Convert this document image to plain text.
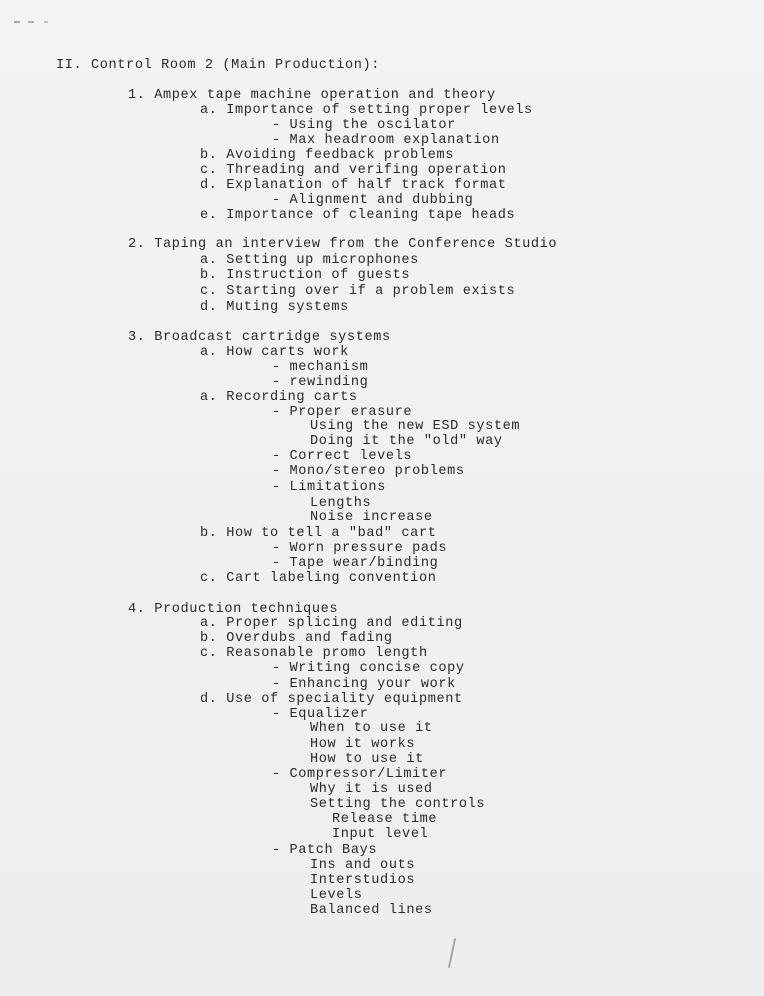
II. Control Room 2 (Main Production):
1. Ampex tape machine operation and theory
a. Importance of setting proper levels
- Using the oscilator
- Max headroom explanation
b. Avoiding feedback problems
c. Threading and verifing operation
d. Explanation of half track format
- Alignment and dubbing
e. Importance of cleaning tape heads
2. Taping an interview from the Conference Studio
a. Setting up microphones
b. Instruction of guests
c. Starting over if a problem exists
d. Muting systems
3. Broadcast cartridge systems
a. How carts work
- mechanism
- rewinding
a. Recording carts
- Proper erasure
Using the new ESD system
Doing it the "old" way
- Correct levels
- Mono/stereo problems
- Limitations
Lengths
Noise increase
b. How to tell a "bad" cart
- Worn pressure pads
- Tape wear/binding
c. Cart labeling convention
4. Production techniques
a. Proper splicing and editing
b. Overdubs and fading
c. Reasonable promo length
- Writing concise copy
- Enhancing your work
d. Use of speciality equipment
- Equalizer
When to use it
How it works
How to use it
- Compressor/Limiter
Why it is used
Setting the controls
Release time
Input level
- Patch Bays
Ins and outs
Interstudios
Levels
Balanced lines
